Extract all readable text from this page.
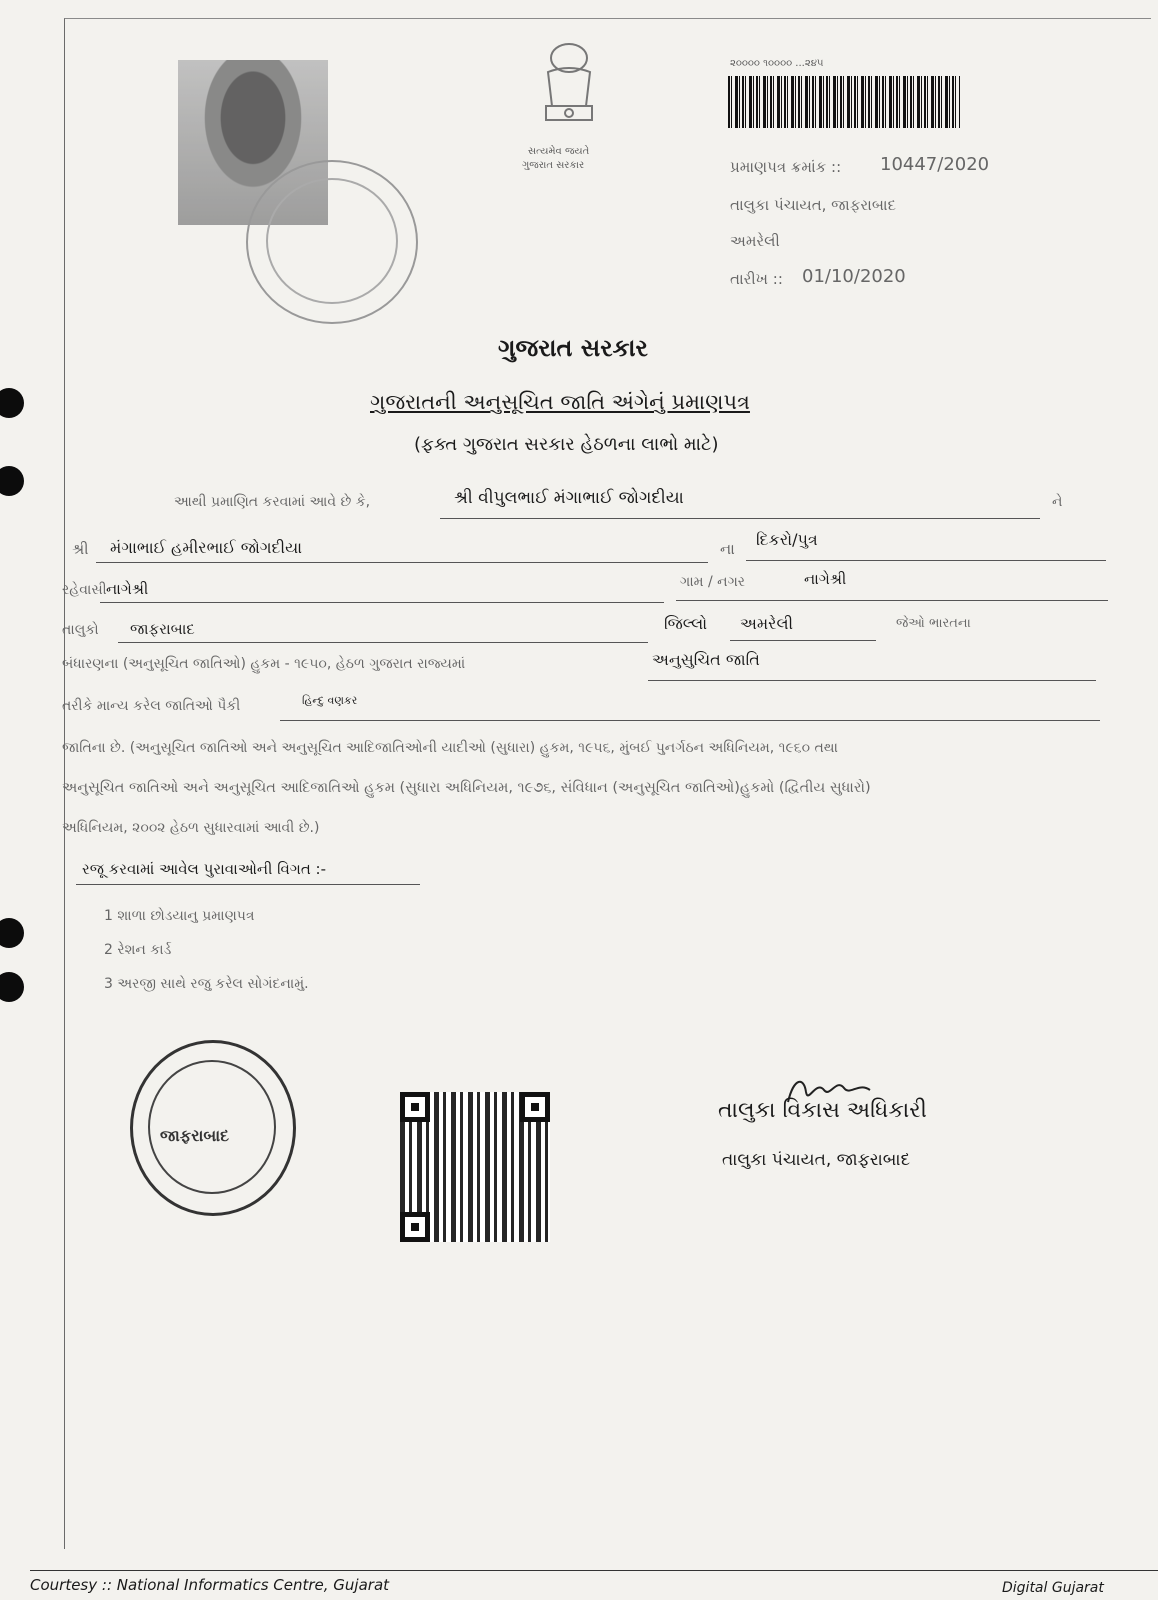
સત્યમેવ જયતે
ગુજરાત સરકાર
૨૦૦૦૦ ૧૦૦૦૦ ...૨૪૫
પ્રમાણપત્ર ક્રમાંક :: 10447/2020
તાલુકા પંચાયત, જાફરાબાદ
અમરેલી
તારીખ :: 01/10/2020
ગુજરાત સરકાર
ગુજરાતની અનુસૂચિત જાતિ અંગેનું પ્રમાણપત્ર
(ફક્ત ગુજરાત સરકાર હેઠળના લાભો માટે)
આથી પ્રમાણિત કરવામાં આવે છે કે,	શ્રી વીપુલભાઈ મંગાભાઈ જોગદીયા	ને
શ્રી મંગાભાઈ હમીરભાઈ જોગદીયા	ના દિકરો/પુત્ર
રહેવાસી નાગેશ્રી	ગામ / નગર	નાગેશ્રી
તાલુકો જાફરાબાદ	જિલ્લો અમરેલી	જેઓ ભારતના
બંધારણના (અનુસૂચિત જાતિઓ) હુકમ - ૧૯૫૦, હેઠળ ગુજરાત રાજ્યમાં	અનુસુચિત જાતિ
તરીકે માન્ય કરેલ જાતિઓ પૈકી	હિન્દુ વણકર
જાતિના છે. (અનુસૂચિત જાતિઓ અને અનુસૂચિત આદિજાતિઓની યાદીઓ (સુધારા) હુકમ, ૧૯૫૬, મુંબઈ પુનર્ગઠન અધિનિયમ, ૧૯૬૦ તથા
અનુસૂચિત જાતિઓ અને અનુસૂચિત આદિજાતિઓ હુકમ (સુધારા અધિનિયમ, ૧૯૭૬, સંવિધાન (અનુસૂચિત જાતિઓ)હુકમો (દ્વિતીય સુધારો)
અધિનિયમ, ૨૦૦૨ હેઠળ સુધારવામાં આવી છે.)
રજૂ કરવામાં આવેલ પુરાવાઓની વિગત :-
1 શાળા છોડયાનુ પ્રમાણપત્ર
2 રેશન કાર્ડ
3 અરજી સાથે રજુ કરેલ સોગંદનામું.
જાફરાબાદ
તાલુકા વિકાસ અધિકારી
તાલુકા પંચાયત, જાફરાબાદ
Courtesy :: National Informatics Centre, Gujarat	Digital Gujarat
